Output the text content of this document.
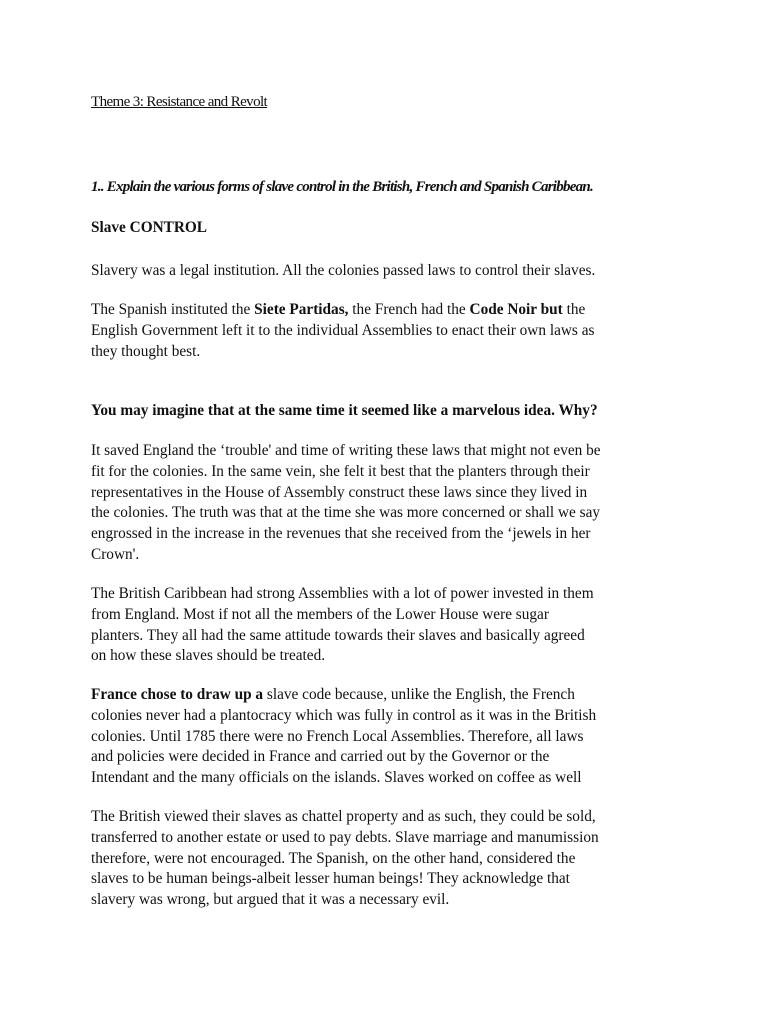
Theme 3: Resistance and Revolt
1.. Explain the various forms of slave control in the British, French and Spanish Caribbean.
Slave CONTROL

Slavery was a legal institution. All the colonies passed laws to control their slaves.

The Spanish instituted the Siete Partidas, the French had the Code Noir but the
English Government left it to the individual Assemblies to enact their own laws as
they thought best.

You may imagine that at the same time it seemed like a marvelous idea. Why?

It saved England the ‘trouble' and time of writing these laws that might not even be
fit for the colonies. In the same vein, she felt it best that the planters through their
representatives in the House of Assembly construct these laws since they lived in
the colonies. The truth was that at the time she was more concerned or shall we say
engrossed in the increase in the revenues that she received from the ‘jewels in her
Crown'.

The British Caribbean had strong Assemblies with a lot of power invested in them
from England. Most if not all the members of the Lower House were sugar
planters. They all had the same attitude towards their slaves and basically agreed
on how these slaves should be treated.

France chose to draw up a slave code because, unlike the English, the French
colonies never had a plantocracy which was fully in control as it was in the British
colonies. Until 1785 there were no French Local Assemblies. Therefore, all laws
and policies were decided in France and carried out by the Governor or the
Intendant and the many officials on the islands. Slaves worked on coffee as well

The British viewed their slaves as chattel property and as such, they could be sold,
transferred to another estate or used to pay debts. Slave marriage and manumission
therefore, were not encouraged. The Spanish, on the other hand, considered the
slaves to be human beings-albeit lesser human beings! They acknowledge that
slavery was wrong, but argued that it was a necessary evil.
